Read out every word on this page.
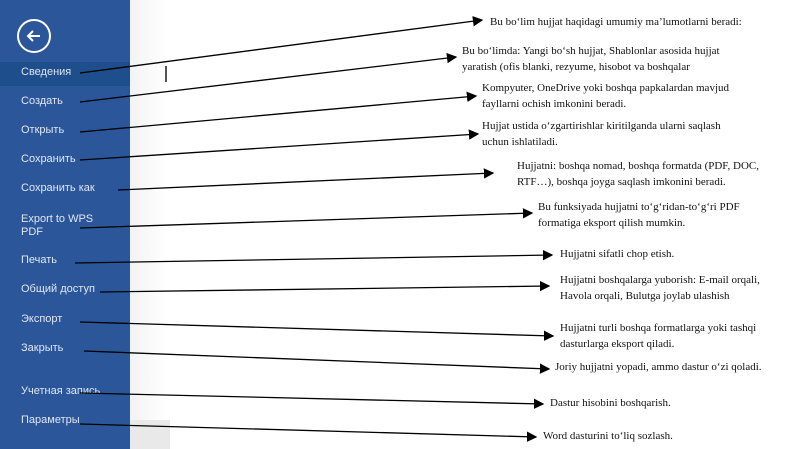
Сведения
Создать
Открыть
Сохранить
Сохранить как
Export to WPS
PDF
Печать
Общий доступ
Экспорт
Закрыть
Учетная запись
Параметры
Bu bo‘lim hujjat haqidagi umumiy ma’lumotlarni beradi:
Bu bo‘limda: Yangi bo‘sh hujjat, Shablonlar asosida hujjat
yaratish (ofis blanki, rezyume, hisobot va boshqalar
Kompyuter, OneDrive yoki boshqa papkalardan mavjud
fayllarni ochish imkonini beradi.
Hujjat ustida o‘zgartirishlar kiritilganda ularni saqlash
uchun ishlatiladi.
Hujjatni: boshqa nomad, boshqa formatda (PDF, DOC,
RTF…), boshqa joyga saqlash imkonini beradi.
Bu funksiyada hujjatni to‘g‘ridan-to‘g‘ri PDF
formatiga eksport qilish mumkin.
Hujjatni sifatli chop etish.
Hujjatni boshqalarga yuborish: E-mail orqali,
Havola orqali, Bulutga joylab ulashish
Hujjatni turli boshqa formatlarga yoki tashqi
dasturlarga eksport qiladi.
Joriy hujjatni yopadi, ammo dastur o‘zi qoladi.
Dastur hisobini boshqarish.
Word dasturini to‘liq sozlash.
